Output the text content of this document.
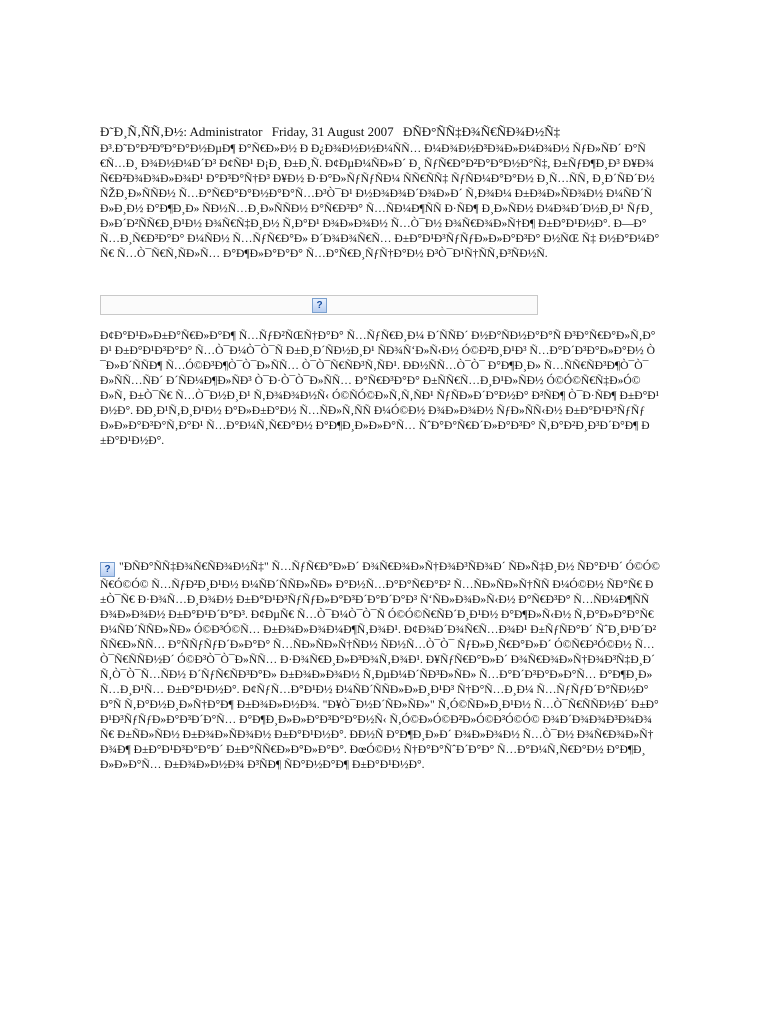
Ð˜Ð¸Ñ‚ÑÑ‚Ð½: Administrator Friday, 31 August 2007 ÐÑÐ°ÑÑ‡Ð¾Ñ€ÑÐ¾Ð½Ñ‡

Ð³.Ð˜Ð°Ð²ÐºÐ°Ð°Ð½ÐµÐ¶ Ð°Ñ€Ð»Ð½ Ð Ð¿Ð¾Ð½Ð½Ð¼ÑÑ… Ð¼Ð¾Ð½Ð³Ð¾Ð»Ð¼Ð¾Ð½ ÑƒÐ»ÑÐ´ Ð°Ñ€Ñ…Ð¸ Ð¾Ð½Ð¼Ð´Ð³ Ð¢ÑÐ¹ Ð¡Ð¸ Ð±Ð¸Ñ. Ð¢ÐµÐ¼ÑÐ»Ð´ Ð¸ ÑƒÑ€Ð°Ð²Ð°Ð°Ð½Ð°Ñ‡, Ð±ÑƒÐ¶Ð¸Ð³ Ð¥Ð¾Ñ€Ð²Ð¾Ð¾Ð»Ð¾Ð¹ Ð°Ð³Ð°Ñ†Ð³ Ð¥Ð½ Ð·Ð°Ð»ÑƒÑƒÑÐ¼ ÑÑ€ÑÑ‡ ÑƒÑÐ¼Ð°Ð°Ð½ Ð¸Ñ…ÑÑ‚ Ð¸Ð´ÑÐ´Ð½ÑŽÐ¸Ð»ÑÑÐ½ Ñ…Ð°Ñ€Ð°Ð°Ð½Ð°Ð°Ñ…Ð³Ò¯Ð¹ Ð½Ð¾Ð¾Ð´Ð¾Ð»Ð´ Ñ‚Ð¾Ð¼ Ð±Ð¾Ð»ÑÐ¾Ð½ Ð¼ÑÐ´ÑÐ»Ð¸Ð½ Ð°Ð¶Ð¸Ð» ÑÐ½Ñ…Ð¸Ð»ÑÑÐ½ Ð°Ñ€Ð³Ð° Ñ…ÑÐ¼Ð¶ÑÑ Ð·ÑÐ¶ Ð¸Ð»ÑÐ½ Ð¼Ð¾Ð´Ð½Ð¸Ð¹ ÑƒÐ¸Ð»Ð´Ð²ÑÑ€Ð¸Ð¹Ð½ Ð¾Ñ€Ñ‡Ð¸Ð½ Ñ‚Ð°Ð¹ Ð¾Ð»Ð¾Ð½ Ñ…Ò¯Ð½ Ð¾Ñ€Ð¾Ð»Ñ†Ð¶ Ð±Ð°Ð¹Ð½Ð°. Ð—Ð°Ñ…Ð¸Ñ€Ð³Ð°Ð° Ð¼ÑÐ½ Ñ…ÑƒÑ€Ð°Ð» Ð´Ð¾Ð¾Ñ€Ñ… Ð±Ð°Ð¹Ð³ÑƒÑƒÐ»Ð»Ð°Ð³Ð° Ð½ÑŒ Ñ‡ Ð½Ð°Ð¼Ð°Ñ€ Ñ…Ò¯Ñ€Ñ‚ÑÐ»Ñ… Ð°Ð¶Ð»Ð°Ð°Ð° Ñ…Ð°Ñ€Ð¸ÑƒÑ†Ð°Ð½ Ð³Ò¯Ð¹Ñ†ÑÑ‚Ð³ÑÐ½Ñ.

?

Ð¢Ð°Ð¹Ð»Ð±Ð°Ñ€Ð»Ð°Ð¶ Ñ…ÑƒÐ²ÑŒÑ†Ð°Ð° Ñ…ÑƒÑ€Ð¸Ð¼ Ð´ÑÑÐ´ Ð½Ð°ÑÐ½Ð°Ð°Ñ Ð³Ð°Ñ€Ð°Ð»Ñ‚Ð°Ð¹ Ð±Ð°Ð¹Ð³Ð°Ð° Ñ…Ò¯Ð¼Ò¯Ò¯Ñ Ð±Ð¸Ð´ÑÐ½Ð¸Ð¹ ÑÐ¾Ñ‘Ð»Ñ‹Ð½ Ó©Ð²Ð¸Ð¹Ð³ Ñ…Ð°Ð´Ð³Ð°Ð»Ð°Ð½ Ò¯Ð»Ð´ÑÑÐ¶ Ñ…Ó©Ð³Ð¶Ò¯Ò¯Ð»ÑÑ… Ò¯Ò¯Ñ€ÑÐ³Ñ‚ÑÐ¹. ÐÐ½ÑÑ…Ò¯Ò¯ Ð°Ð¶Ð¸Ð» Ñ…ÑÑ€ÑÐ³Ð¶Ò¯Ò¯Ð»ÑÑ…ÑÐ´ Ð´ÑÐ¼Ð¶Ð»ÑÐ³ Ò¯Ð·Ò¯Ò¯Ð»ÑÑ… Ð°Ñ€Ð³Ð°Ð° Ð±ÑÑ€Ñ…Ð¸Ð¹Ð»ÑÐ½ Ó©Ó©Ñ€Ñ‡Ð»Ó©Ð»Ñ‚ Ð±Ò¯Ñ€ Ñ…Ò¯Ð½Ð¸Ð¹ Ñ‚Ð¾Ð¾Ð½Ñ‹ Ó©ÑÓ©Ð»Ñ‚Ñ‚ÑÐ¹ ÑƒÑÐ»Ð´Ð°Ð½Ð° Ð³ÑÐ¶ Ò¯Ð·ÑÐ¶ Ð±Ð°Ð¹Ð½Ð°. ÐÐ¸Ð¹Ñ‚Ð¸Ð¹Ð½ Ð°Ð»Ð±Ð°Ð½ Ñ…ÑÐ»Ñ‚ÑÑ Ð¼Ó©Ð½ Ð¾Ð»Ð¾Ð½ ÑƒÐ»ÑÑ‹Ð½ Ð±Ð°Ð¹Ð³ÑƒÑƒÐ»Ð»Ð°Ð³Ð°Ñ‚Ð°Ð¹ Ñ…Ð°Ð¼Ñ‚Ñ€Ð°Ð½ Ð°Ð¶Ð¸Ð»Ð»Ð°Ñ… ÑˆÐ°Ð°Ñ€Ð´Ð»Ð°Ð³Ð° Ñ‚Ð°Ð²Ð¸Ð³Ð´Ð°Ð¶ Ð±Ð°Ð¹Ð½Ð°.

? "ÐÑÐ°ÑÑ‡Ð¾Ñ€ÑÐ¾Ð½Ñ‡" Ñ…ÑƒÑ€Ð°Ð»Ð´ Ð¾Ñ€Ð¾Ð»Ñ†Ð¾Ð³ÑÐ¾Ð´ ÑÐ»Ñ‡Ð¸Ð½ ÑÐ°Ð¹Ð´ Ó©Ó©Ñ€Ó©Ó© Ñ…ÑƒÐ²Ð¸Ð¹Ð½ Ð¼ÑÐ´ÑÑÐ»ÑÐ» Ð°Ð½Ñ…Ð°Ð°Ñ€Ð°Ð² Ñ…ÑÐ»ÑÐ»Ñ†ÑÑ Ð¼Ó©Ð½ ÑÐ°Ñ€ Ð±Ò¯Ñ€ Ð·Ð¾Ñ…Ð¸Ð¾Ð½ Ð±Ð°Ð¹Ð³ÑƒÑƒÐ»Ð°Ð³Ð´Ð°Ð´Ð°Ð³ Ñ‘ÑÐ»Ð¾Ð»Ñ‹Ð½ Ð°Ñ€Ð³Ð° Ñ…ÑÐ¼Ð¶ÑÑ Ð¾Ð»Ð¾Ð½ Ð±Ð°Ð¹Ð´Ð°Ð³. Ð¢ÐµÑ€ Ñ…Ò¯Ð¼Ò¯Ò¯Ñ Ó©Ó©Ñ€ÑÐ´Ð¸Ð¹Ð½ Ð°Ð¶Ð»Ñ‹Ð½ Ñ‚Ð°Ð»Ð°Ð°Ñ€ Ð¼ÑÐ´ÑÑÐ»ÑÐ» Ó©Ð³Ó©Ñ… Ð±Ð¾Ð»Ð¾Ð¼Ð¶Ñ‚Ð¾Ð¹. Ð¢Ð¾Ð´Ð¾Ñ€Ñ…Ð¾Ð¹ Ð±ÑƒÑÐ°Ð´ ÑˆÐ¸Ð¹Ð´Ð²ÑÑ€Ð»ÑÑ… Ð°ÑÑƒÑƒÐ´Ð»Ð°Ð° Ñ…ÑÐ»ÑÐ»Ñ†ÑÐ½ ÑÐ½Ñ…Ò¯Ò¯ ÑƒÐ»Ð¸Ñ€Ð°Ð»Ð´ Ó©Ñ€Ð³Ó©Ð½ Ñ…Ò¯Ñ€ÑÑÐ½Ð´ Ó©Ð³Ò¯Ò¯Ð»ÑÑ… Ð·Ð¾Ñ€Ð¸Ð»Ð³Ð¾Ñ‚Ð¾Ð¹. Ð¥ÑƒÑ€Ð°Ð»Ð´ Ð¾Ñ€Ð¾Ð»Ñ†Ð¾Ð³Ñ‡Ð¸Ð´ Ñ‚Ò¯Ò¯Ñ…ÑÐ½ Ð´ÑƒÑ€ÑÐ³Ð°Ð» Ð±Ð¾Ð»Ð¾Ð½ Ñ‚ÐµÐ¼Ð´ÑÐ³Ð»ÑÐ» Ñ…Ð°Ð´Ð³Ð°Ð»Ð°Ñ… Ð°Ð¶Ð¸Ð» Ñ…Ð¸Ð¹Ñ… Ð±Ð°Ð¹Ð½Ð°. Ð¢ÑƒÑ…Ð°Ð¹Ð½ Ð¼ÑÐ´ÑÑÐ»Ð»Ð¸Ð¹Ð³ Ñ†Ð°Ñ…Ð¸Ð¼ Ñ…ÑƒÑƒÐ´Ð°ÑÐ½Ð°Ð°Ñ Ñ‚Ð°Ð½Ð¸Ð»Ñ†Ð°Ð¶ Ð±Ð¾Ð»Ð½Ð¾. "Ð¥Ò¯Ð½Ð´ÑÐ»ÑÐ»" Ñ‚Ó©ÑÐ»Ð¸Ð¹Ð½ Ñ…Ò¯Ñ€ÑÑÐ½Ð´ Ð±Ð°Ð¹Ð³ÑƒÑƒÐ»Ð°Ð³Ð´Ð°Ñ… Ð°Ð¶Ð¸Ð»Ð»Ð°Ð³Ð°Ð°Ð½Ñ‹ Ñ‚Ó©Ð»Ó©Ð²Ð»Ó©Ð³Ó©Ó© Ð¾Ð´Ð¾Ð¾Ð³Ð¾Ð¾Ñ€ Ð±ÑÐ»ÑÐ½ Ð±Ð¾Ð»ÑÐ¾Ð½ Ð±Ð°Ð¹Ð½Ð°. ÐÐ½Ñ Ð°Ð¶Ð¸Ð»Ð´ Ð¾Ð»Ð¾Ð½ Ñ…Ò¯Ð½ Ð¾Ñ€Ð¾Ð»Ñ†Ð¾Ð¶ Ð±Ð°Ð¹Ð³Ð°Ð°Ð´ Ð±Ð°ÑÑ€Ð»Ð°Ð»Ð°Ð°. ÐœÓ©Ð½ Ñ†Ð°Ð°ÑˆÐ´Ð°Ð° Ñ…Ð°Ð¼Ñ‚Ñ€Ð°Ð½ Ð°Ð¶Ð¸Ð»Ð»Ð°Ñ… Ð±Ð¾Ð»Ð½Ð¾ Ð³ÑÐ¶ ÑÐ°Ð½Ð°Ð¶ Ð±Ð°Ð¹Ð½Ð°.
